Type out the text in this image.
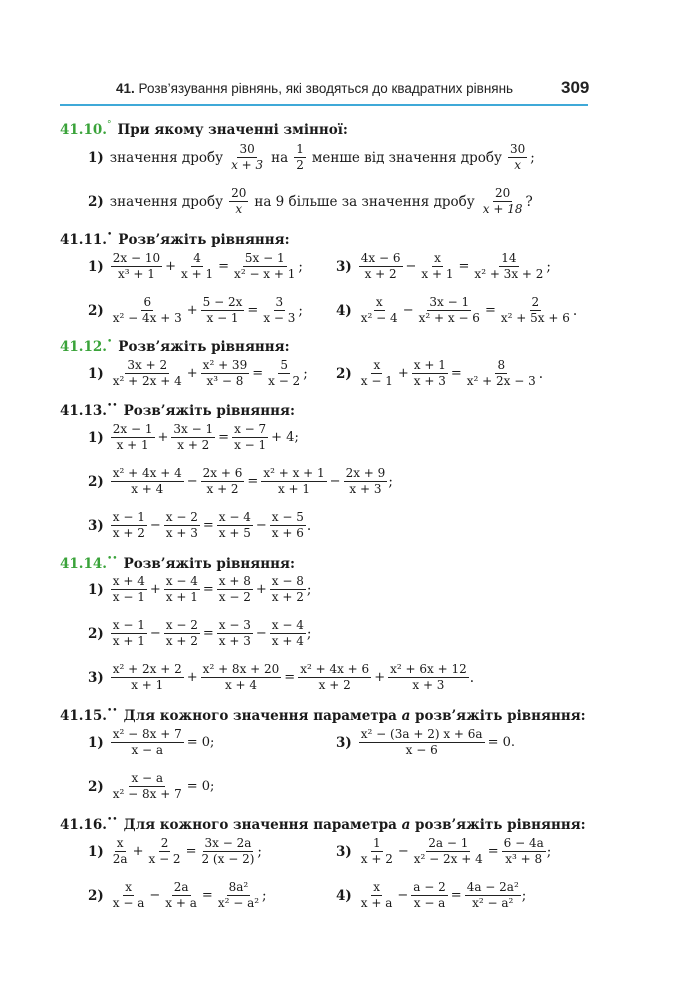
41. Розв’язування рівнянь, які зводяться до квадратних рівнянь	309
41.10.° При якому значенні змінної:
1) значення дробу $\frac{30}{x + 3}$ на $\frac{1}{2}$ менше від значення дробу $\frac{30}{x}$ ;
2) значення дробу $\frac{20}{x}$ на 9 більше за значення дробу $\frac{20}{x + 18}$ ?
41.11.• Розв’яжіть рівняння:
$1) \frac{2x - 10}{\text{x³ + 1}} + \frac{4}{x + 1} = \frac{5x - 1}{\text{x² − x + 1}}$ ; $3) \frac{4x - 6}{x + 2} - \frac{x}{x + 1} = \frac{14}{\text{x² + 3x + 2}}$ ;
$2) \frac{6}{\text{x² − 4x + 3}} + \frac{5 - 2x}{x - 1} = \frac{3}{x - 3}$ ; $4) \frac{x}{\text{x² − 4}} - \frac{3x - 1}{\text{x² + x − 6}} = \frac{2}{\text{x² + 5x + 6}}$ .
41.12.• Розв’яжіть рівняння:
$1) \frac{3x + 2}{\text{x² + 2x + 4}} + \frac{\text{x² + 39}}{\text{x³ − 8}} = \frac{5}{x - 2}$ ; $2) \frac{x}{x - 1} + \frac{x + 1}{x + 3} = \frac{8}{\text{x² + 2x − 3}}$ .
41.13.•• Розв’яжіть рівняння:
$1) \frac{2x - 1}{x + 1} + \frac{3x - 1}{x + 2} = \frac{x - 7}{x - 1} + 4$;
$2) \frac{\text{x² + 4x + 4}}{x + 4} - \frac{2x + 6}{x + 2} = \frac{\text{x² + x + 1}}{x + 1} - \frac{2x + 9}{x + 3}$ ;
$3) \frac{x - 1}{x + 2} - \frac{x - 2}{x + 3} = \frac{x - 4}{x + 5} - \frac{x - 5}{x + 6}$ .
41.14.•• Розв’яжіть рівняння:
$1) \frac{x + 4}{x - 1} + \frac{x - 4}{x + 1} = \frac{x + 8}{x - 2} + \frac{x - 8}{x + 2}$ ;
$2) \frac{x - 1}{x + 1} - \frac{x - 2}{x + 2} = \frac{x - 3}{x + 3} - \frac{x - 4}{x + 4}$ ;
$3) \frac{\text{x² + 2x + 2}}{x + 1} + \frac{\text{x² + 8x + 20}}{x + 4} = \frac{\text{x² + 4x + 6}}{x + 2} + \frac{\text{x² + 6x + 12}}{x + 3}$ .
41.15.•• Для кожного значення параметра a розв’яжіть рівняння:
$1) \frac{\text{x² − 8x + 7}}{x - a} = 0$;	$3) \frac{\text{x² − (3a + 2) x + 6a}}{x - 6} = 0$.
$2) \frac{x - a}{\text{x² − 8x + 7}} = 0$;
41.16.•• Для кожного значення параметра a розв’яжіть рівняння:
$1) \frac{x}{2a} + \frac{2}{x - 2} = \frac{3x - 2a}{2 (x - 2)}$ ;	$3) \frac{1}{x + 2} - \frac{2a - 1}{\text{x² − 2x + 4}} = \frac{6 - 4a}{\text{x³ + 8}}$ ;
$2) \frac{x}{x - a} - \frac{2a}{x + a} = \frac{\text{8a²}}{\text{x² − a²}}$ ;	$4) \frac{x}{x + a} - \frac{a - 2}{x - a} = \frac{\text{4a − 2a²}}{\text{x² − a²}}$ ;
